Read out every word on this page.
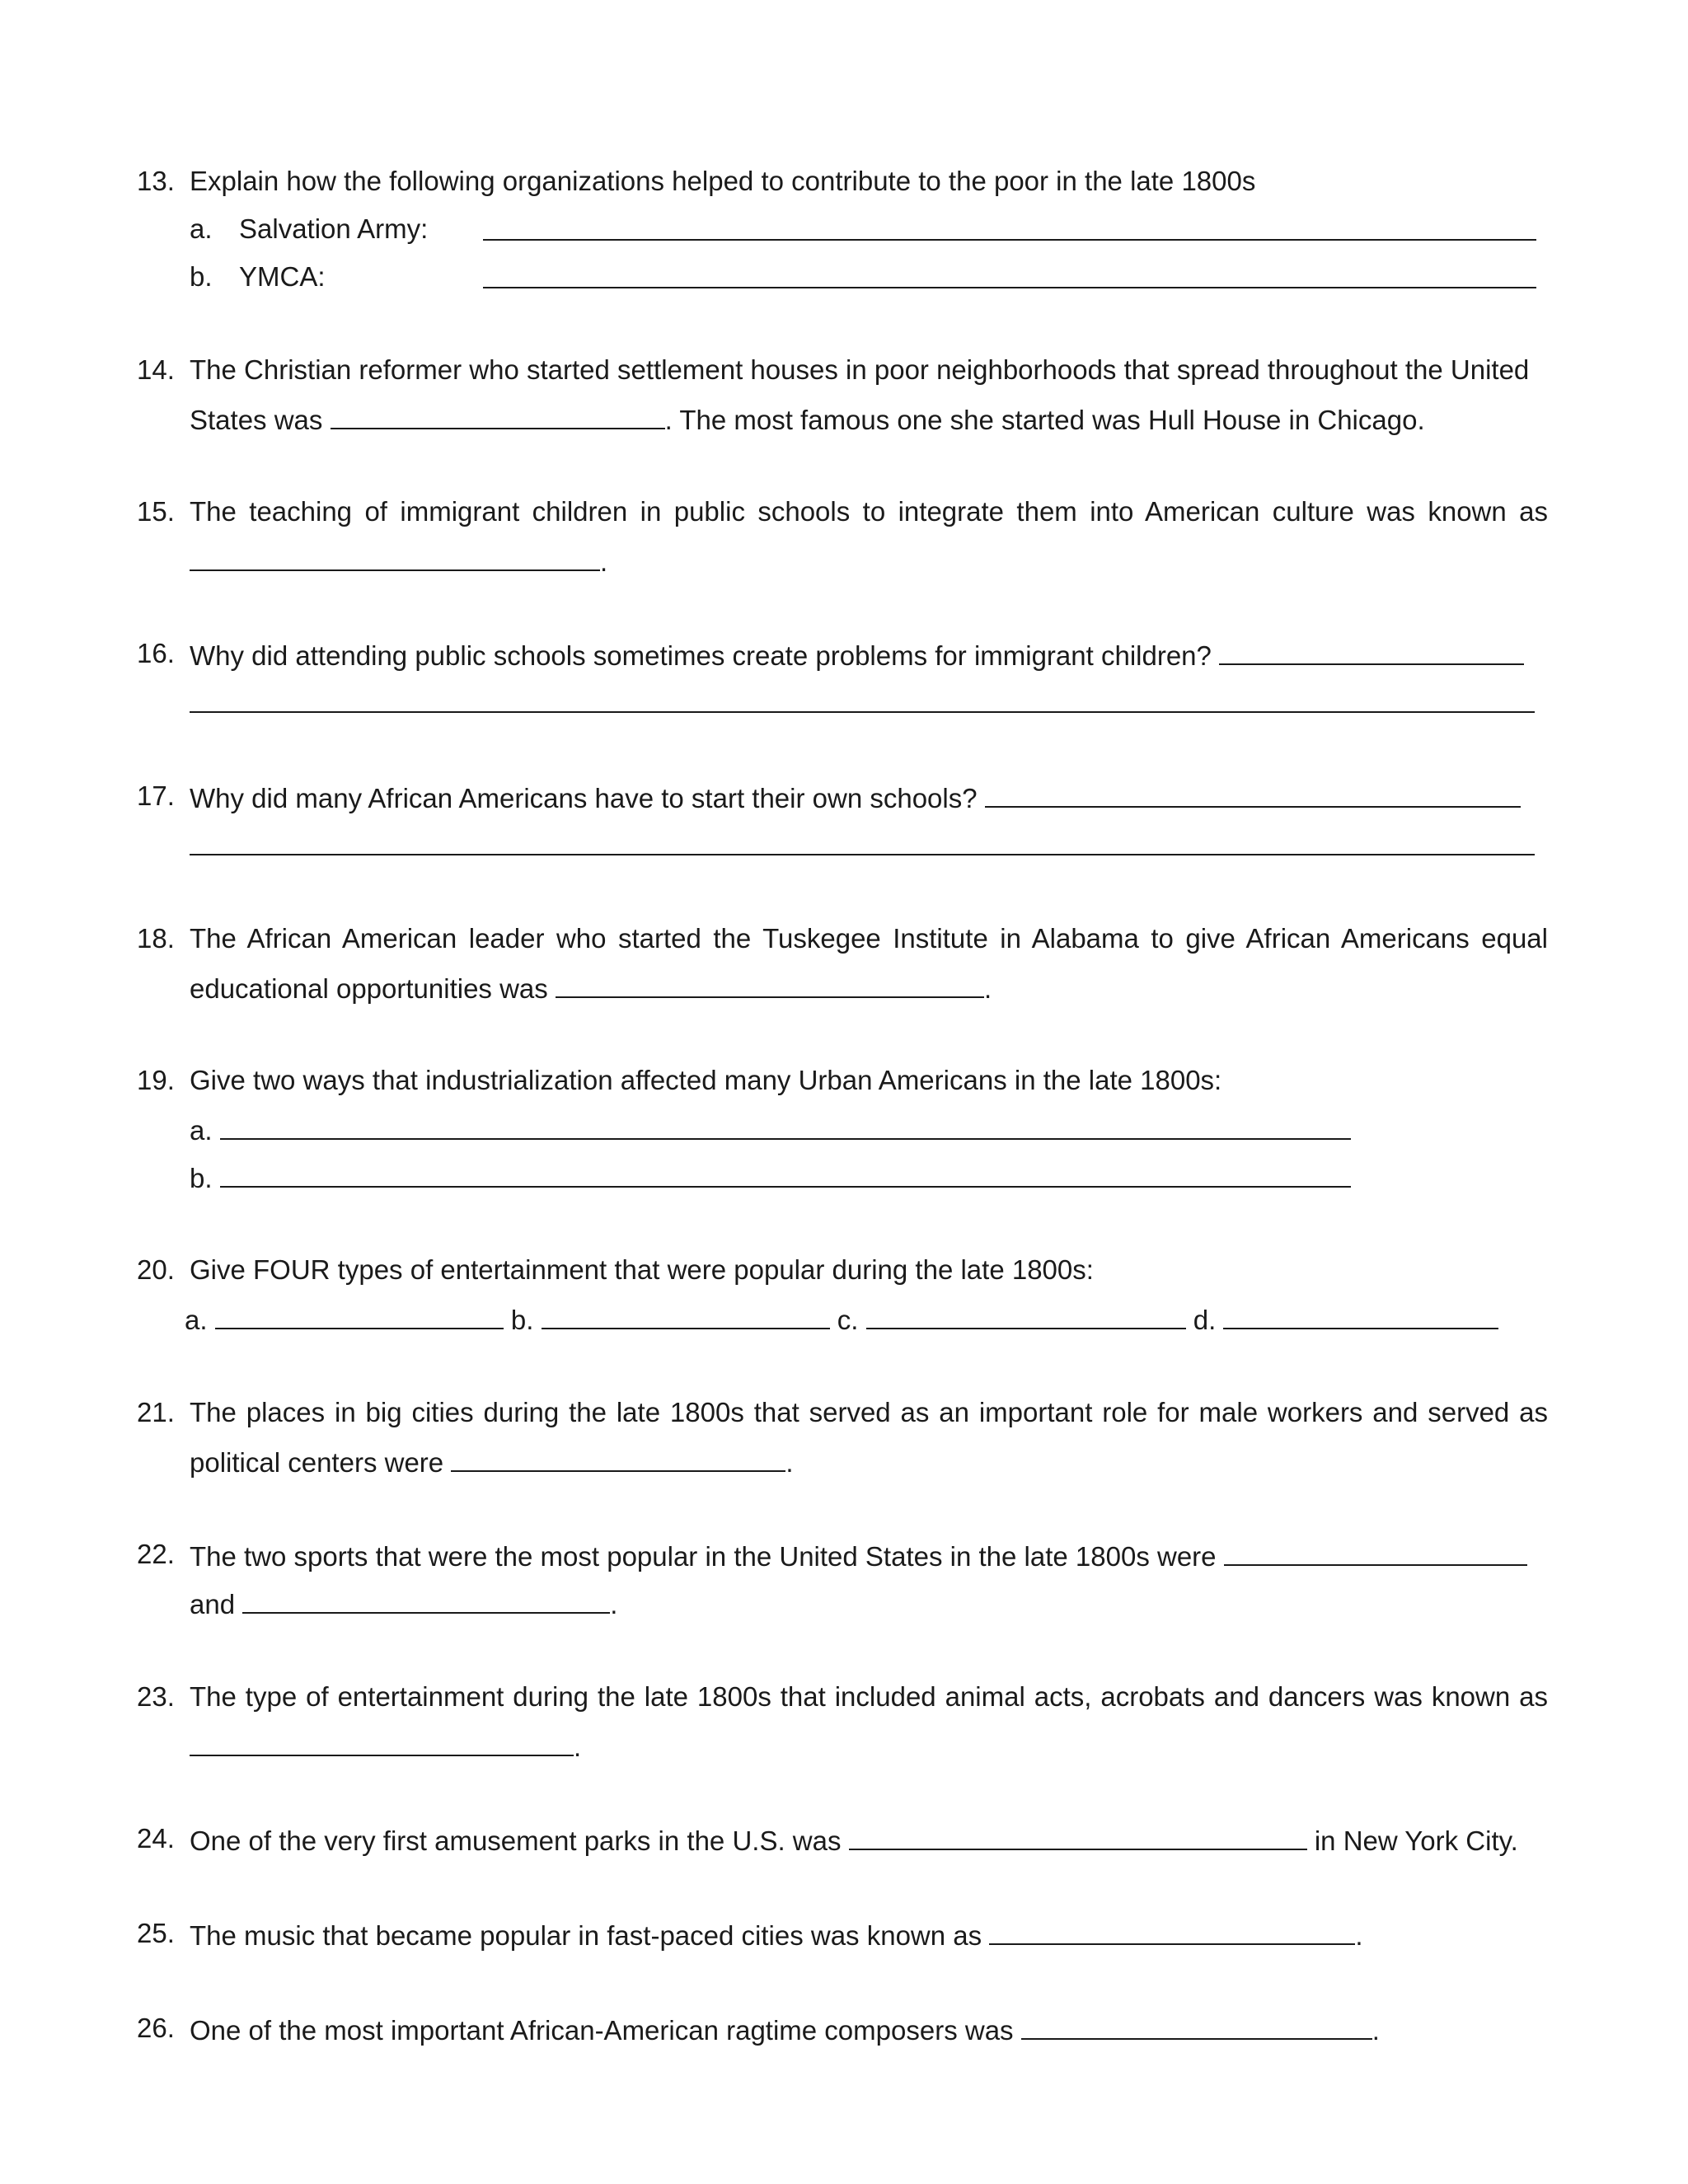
13. Explain how the following organizations helped to contribute to the poor in the late 1800s
a. Salvation Army:
b. YMCA:
14. The Christian reformer who started settlement houses in poor neighborhoods that spread throughout the United
States was	. The most famous one she started was Hull House in Chicago.
15. The teaching of immigrant children in public schools to integrate them into American culture was known as
.
16. Why did attending public schools sometimes create problems for immigrant children?
17. Why did many African Americans have to start their own schools?
18. The African American leader who started the Tuskegee Institute in Alabama to give African Americans equal
educational opportunities was	.
19. Give two ways that industrialization affected many Urban Americans in the late 1800s:
a.
b.
20. Give FOUR types of entertainment that were popular during the late 1800s:
a.	b.	c.	d.
21. The places in big cities during the late 1800s that served as an important role for male workers and served as
political centers were	.
22. The two sports that were the most popular in the United States in the late 1800s were
and	.
23. The type of entertainment during the late 1800s that included animal acts, acrobats and dancers was known as
.
24. One of the very first amusement parks in the U.S. was	in New York City.
25. The music that became popular in fast-paced cities was known as	.
26. One of the most important African-American ragtime composers was	.
